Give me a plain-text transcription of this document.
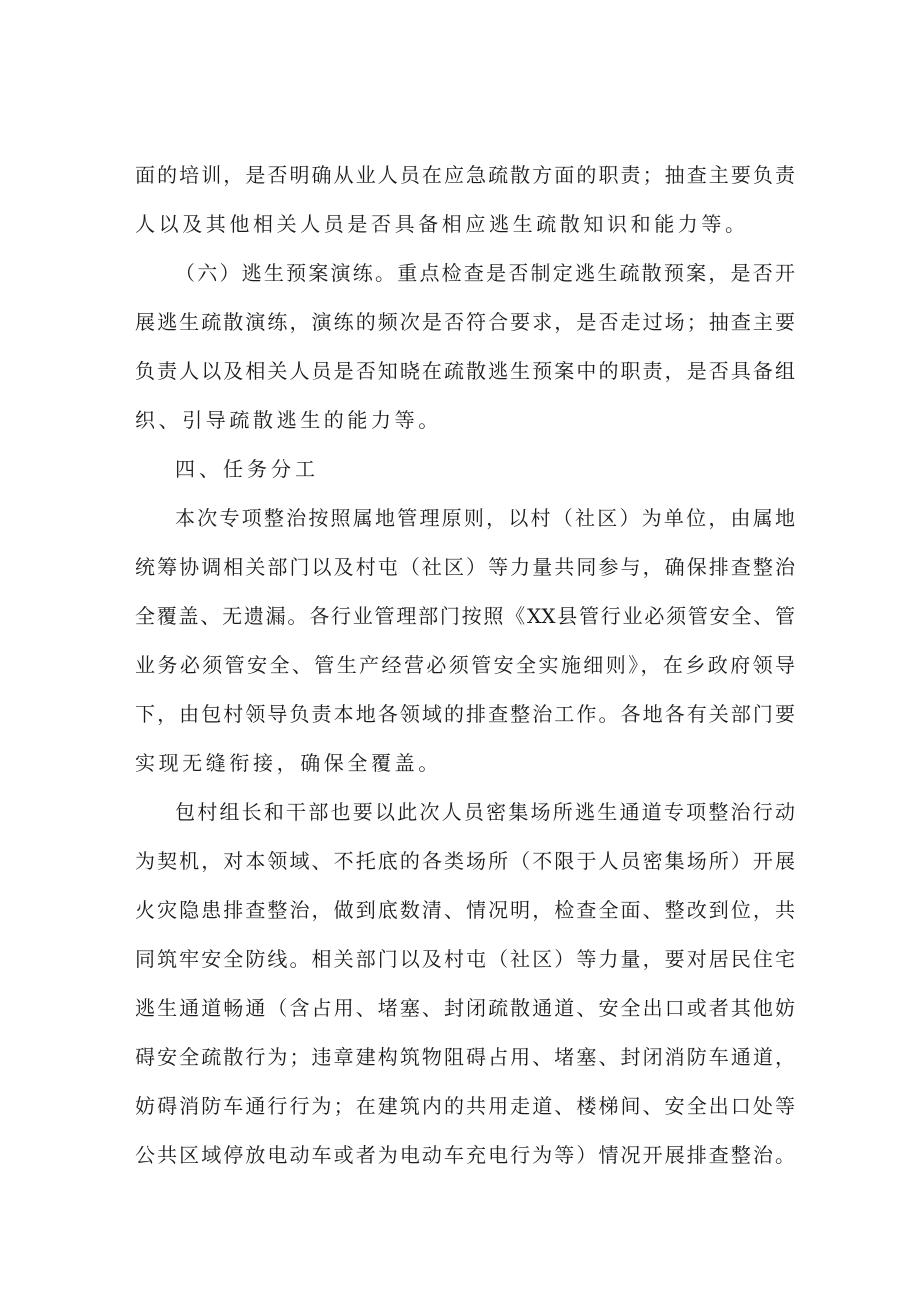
面的培训，是否明确从业人员在应急疏散方面的职责；抽查主要负责
人以及其他相关人员是否具备相应逃生疏散知识和能力等。
（六）逃生预案演练。重点检查是否制定逃生疏散预案，是否开
展逃生疏散演练，演练的频次是否符合要求，是否走过场；抽查主要
负责人以及相关人员是否知晓在疏散逃生预案中的职责，是否具备组
织、引导疏散逃生的能力等。
四、任务分工
本次专项整治按照属地管理原则，以村（社区）为单位，由属地
统筹协调相关部门以及村屯（社区）等力量共同参与，确保排查整治
全覆盖、无遗漏。各行业管理部门按照《XX县管行业必须管安全、管
业务必须管安全、管生产经营必须管安全实施细则》，在乡政府领导
下，由包村领导负责本地各领域的排查整治工作。各地各有关部门要
实现无缝衔接，确保全覆盖。
包村组长和干部也要以此次人员密集场所逃生通道专项整治行动
为契机，对本领域、不托底的各类场所（不限于人员密集场所）开展
火灾隐患排查整治，做到底数清、情况明，检查全面、整改到位，共
同筑牢安全防线。相关部门以及村屯（社区）等力量，要对居民住宅
逃生通道畅通（含占用、堵塞、封闭疏散通道、安全出口或者其他妨
碍安全疏散行为；违章建构筑物阻碍占用、堵塞、封闭消防车通道，
妨碍消防车通行行为；在建筑内的共用走道、楼梯间、安全出口处等
公共区域停放电动车或者为电动车充电行为等）情况开展排查整治。
